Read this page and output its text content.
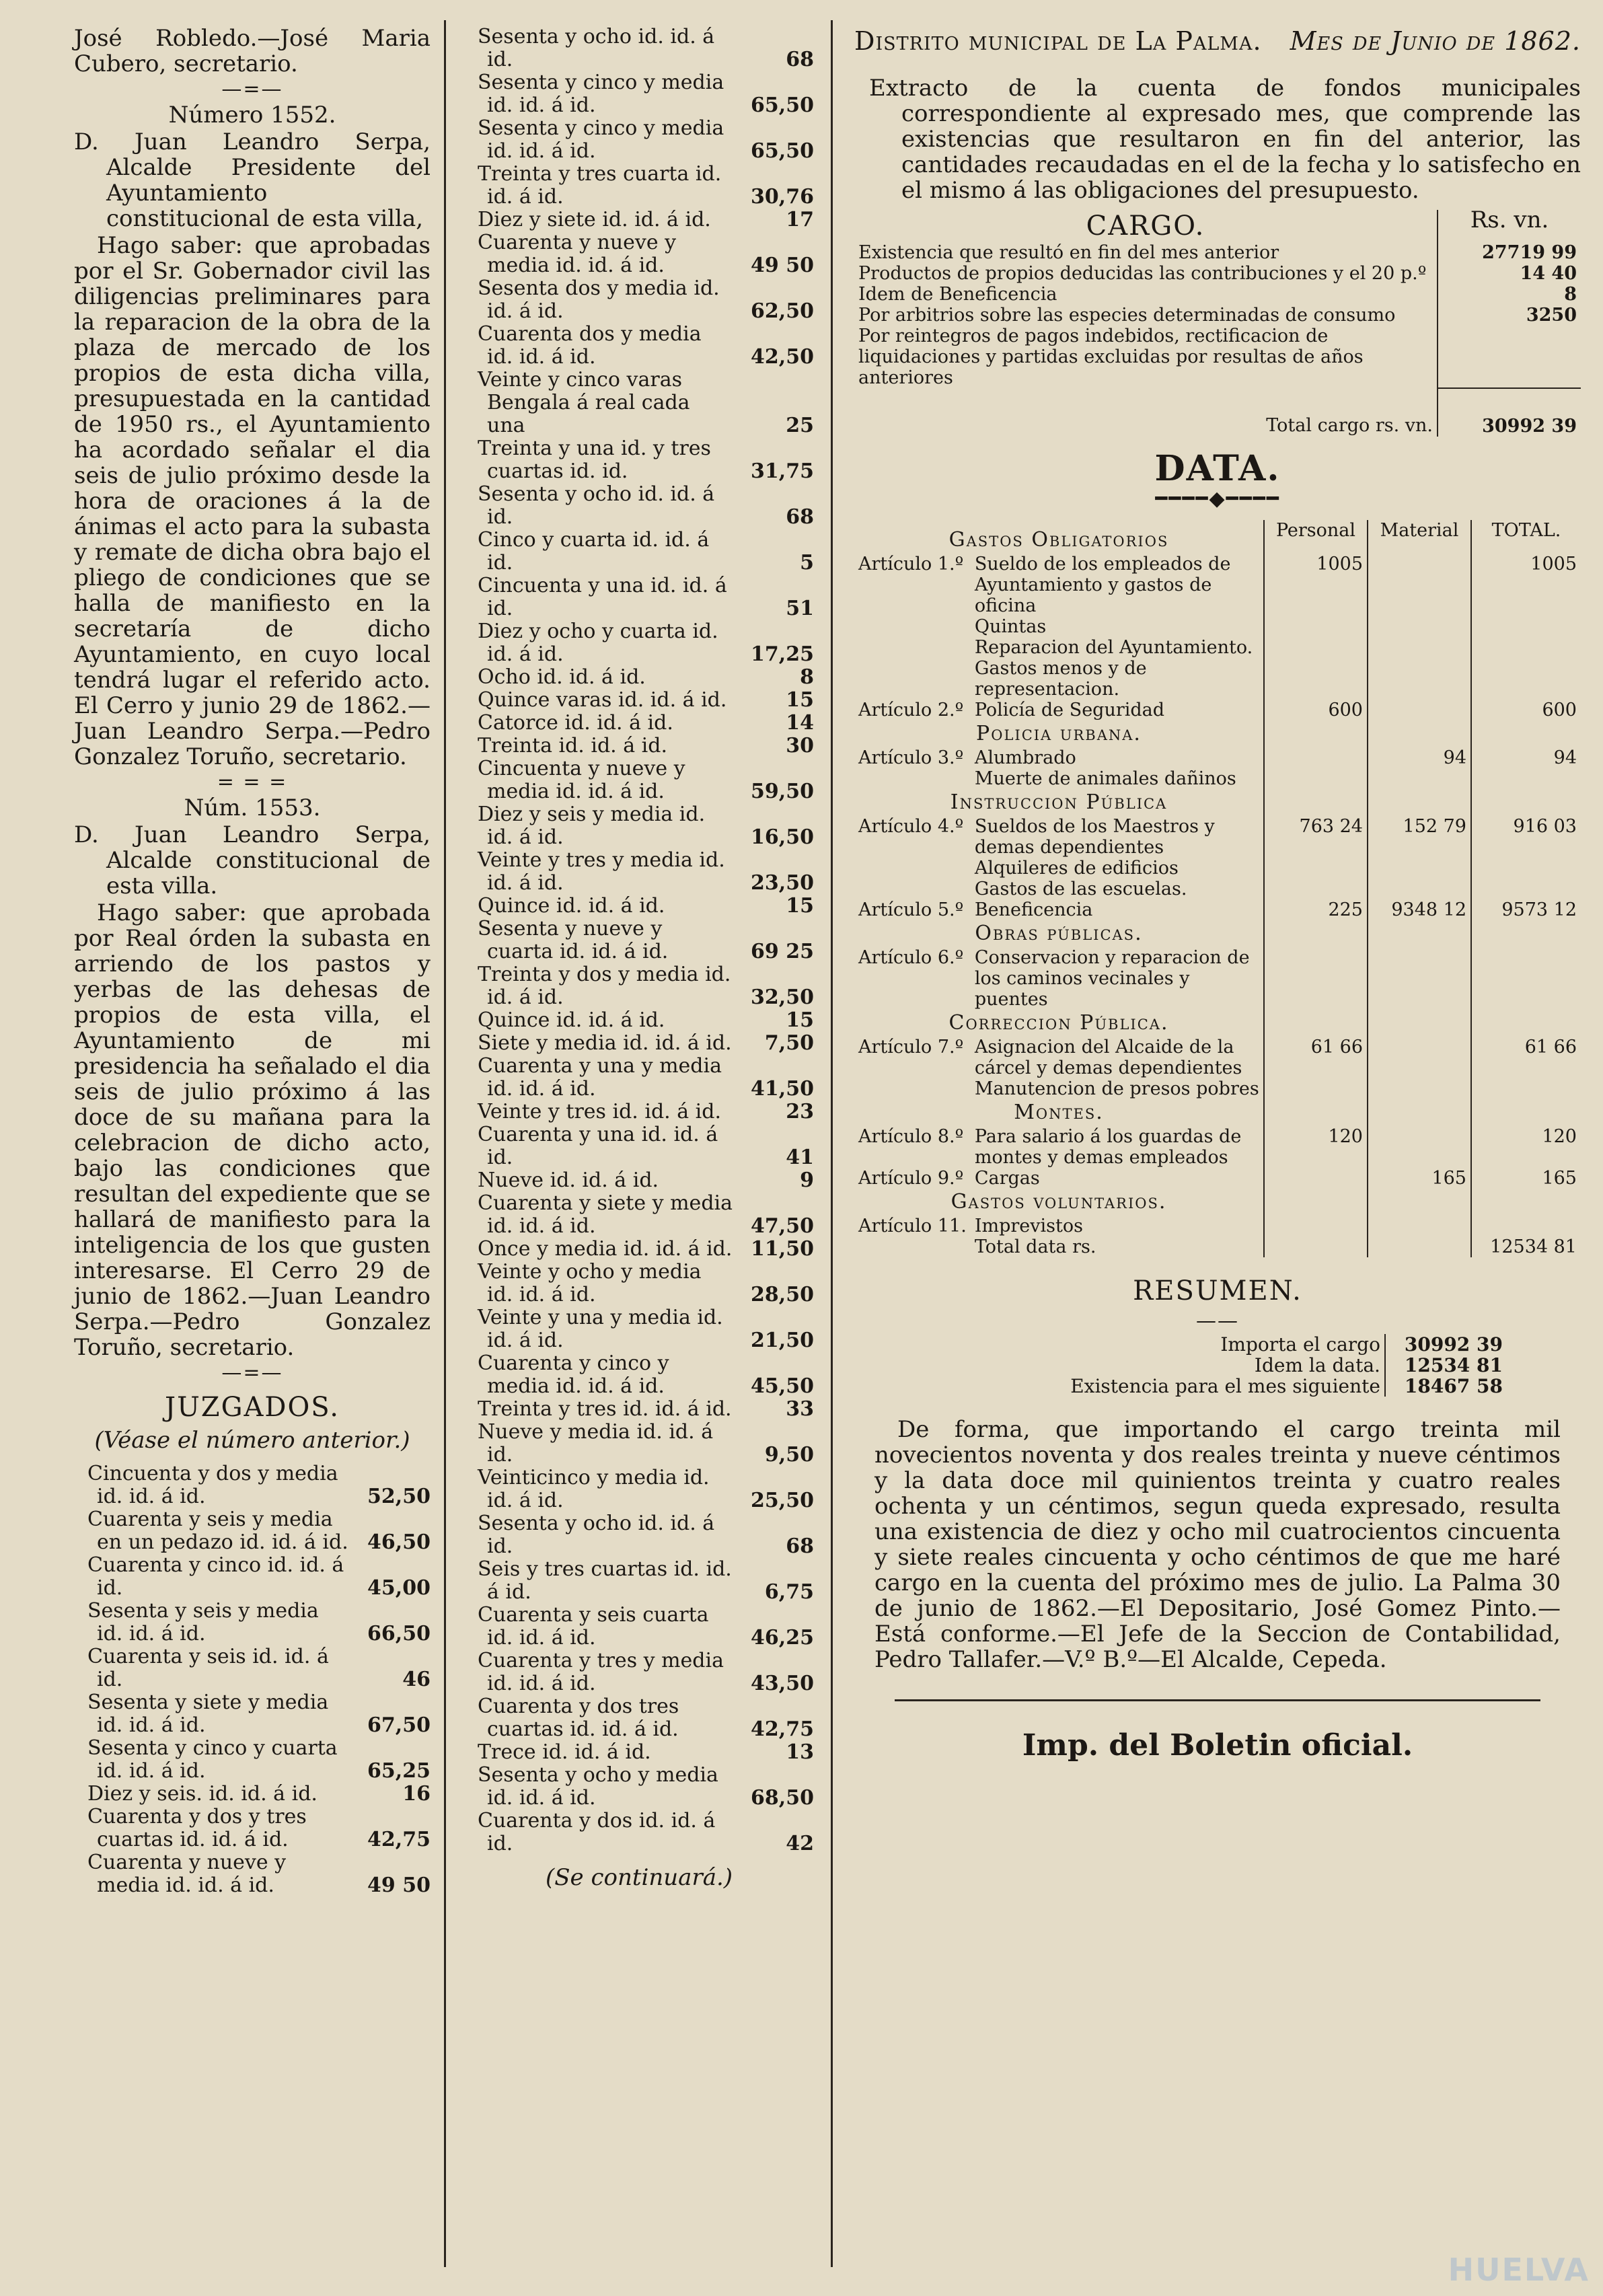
José Robledo.—José Maria Cubero, secretario.

—=—

Número 1552.

D. Juan Leandro Serpa, Alcalde Presidente del Ayuntamiento constitucional de esta villa,

Hago saber: que aprobadas por el Sr. Gobernador civil las diligencias preliminares para la reparacion de la obra de la plaza de mercado de los propios de esta dicha villa, presupuestada en la cantidad de 1950 rs., el Ayuntamiento ha acordado señalar el dia seis de julio próximo desde la hora de oraciones á la de ánimas el acto para la subasta y remate de dicha obra bajo el pliego de condiciones que se halla de manifiesto en la secretaría de dicho Ayuntamiento, en cuyo local tendrá lugar el referido acto. El Cerro y junio 29 de 1862.—Juan Leandro Serpa.—Pedro Gonzalez Toruño, secretario.

= = =

Núm. 1553.

D. Juan Leandro Serpa, Alcalde constitucional de esta villa.

Hago saber: que aprobada por Real órden la subasta en arriendo de los pastos y yerbas de las dehesas de propios de esta villa, el Ayuntamiento de mi presidencia ha señalado el dia seis de julio próximo á las doce de su mañana para la celebracion de dicho acto, bajo las condiciones que resultan del expediente que se hallará de manifiesto para la inteligencia de los que gusten interesarse. El Cerro 29 de junio de 1862.—Juan Leandro Serpa.—Pedro Gonzalez Toruño, secretario.

—=—
JUZGADOS.

(Véase el número anterior.)

Cincuenta y dos y media id. id. á id.	52,50
Cuarenta y seis y media en un pedazo id. id. á id. 46,50
Cuarenta y cinco id. id. á id.	45,00
Sesenta y seis y media id. id. á id.	66,50
Cuarenta y seis id. id. á id.	46
Sesenta y siete y media id. id. á id.	67,50
Sesenta y cinco y cuarta id. id. á id.	65,25
Diez y seis. id. id. á id.	16
Cuarenta y dos y tres cuartas id. id. á id.	42,75
Cuarenta y nueve y media id. id. á id.	49 50
Sesenta y ocho id. id. á id.	68
Sesenta y cinco y media id. id. á id.	65,50
Sesenta y cinco y media id. id. á id.	65,50
Treinta y tres cuarta id. id. á id.	30,76
Diez y siete id. id. á id.	17
Cuarenta y nueve y media id. id. á id.	49 50
Sesenta dos y media id. id. á id.	62,50
Cuarenta dos y media id. id. á id.	42,50
Veinte y cinco varas Bengala á real cada una	25
Treinta y una id. y tres cuartas id. id.	31,75
Sesenta y ocho id. id. á id.	68
Cinco y cuarta id. id. á id.	5
Cincuenta y una id. id. á id.	51
Diez y ocho y cuarta id. id. á id.	17,25
Ocho id. id. á id.	8
Quince varas id. id. á id.	15
Catorce id. id. á id.	14
Treinta id. id. á id.	30
Cincuenta y nueve y media id. id. á id.	59,50
Diez y seis y media id. id. á id.	16,50
Veinte y tres y media id. id. á id.	23,50
Quince id. id. á id.	15
Sesenta y nueve y cuarta id. id. á id.	69 25
Treinta y dos y media id. id. á id.	32,50
Quince id. id. á id.	15
Siete y media id. id. á id.	7,50
Cuarenta y una y media id. id. á id.	41,50
Veinte y tres id. id. á id.	23
Cuarenta y una id. id. á id.	41
Nueve id. id. á id.	9
Cuarenta y siete y media id. id. á id.	47,50
Once y media id. id. á id. 11,50
Veinte y ocho y media id. id. á id.	28,50
Veinte y una y media id. id. á id.	21,50
Cuarenta y cinco y media id. id. á id.	45,50
Treinta y tres id. id. á id.	33
Nueve y media id. id. á id.	9,50
Veinticinco y media id. id. á id.	25,50
Sesenta y ocho id. id. á id.	68
Seis y tres cuartas id. id. á id.	6,75
Cuarenta y seis cuarta id. id. á id.	46,25
Cuarenta y tres y media id. id. á id.	43,50
Cuarenta y dos tres cuartas id. id. á id.	42,75
Trece id. id. á id.	13
Sesenta y ocho y media id. id. á id.	68,50
Cuarenta y dos id. id. á id.	42

(Se continuará.)

Distrito municipal de La Palma. Mes de Junio de 1862.

Extracto de la cuenta de fondos municipales correspondiente al expresado mes, que comprende las existencias que resultaron en fin del anterior, las cantidades recaudadas en el de la fecha y lo satisfecho en el mismo á las obligaciones del presupuesto.

CARGO.	Rs. vn.
Existencia que resultó en fin del mes anterior	27719 99
Productos de propios deducidas las contribuciones y el 20 p.º	14 40
Idem de Beneficencia	8
Por arbitrios sobre las especies determinadas de consumo	3250
Por reintegros de pagos indebidos, rectificacion de liquidaciones y partidas excluidas por resultas de años anteriores	
Total cargo rs. vn.	30992 39
DATA.
━━━━◆━━━━
Gastos Obligatorios		Personal	Material	TOTAL.
Artículo 1.º	Sueldo de los empleados de Ayuntamiento y gastos de oficina	1005		1005
	Quintas			
	Reparacion del Ayuntamiento.			
	Gastos menos y de representacion.			
Artículo 2.º	Policía de Seguridad	600		600
Policia urbana.				
Artículo 3.º	Alumbrado		94	94
	Muerte de animales dañinos			
Instruccion Pública				
Artículo 4.º	Sueldos de los Maestros y demas dependientes	763 24	152 79	916 03
	Alquileres de edificios			
	Gastos de las escuelas.			
Artículo 5.º	Beneficencia	225	9348 12	9573 12
Obras públicas.				
Artículo 6.º	Conservacion y reparacion de los caminos vecinales y puentes			
Correccion Pública.				
Artículo 7.º	Asignacion del Alcaide de la cárcel y demas dependientes	61 66		61 66
	Manutencion de presos pobres			
Montes.				
Artículo 8.º	Para salario á los guardas de montes y demas empleados	120		120
Artículo 9.º	Cargas		165	165
Gastos voluntarios.				
Artículo 11.	Imprevistos			
	Total data rs.			12534 81
RESUMEN.
——
Importa el cargo	30992 39
Idem la data.	12534 81
Existencia para el mes siguiente	18467 58

De forma, que importando el cargo treinta mil novecientos noventa y dos reales treinta y nueve céntimos y la data doce mil quinientos treinta y cuatro reales ochenta y un céntimos, segun queda expresado, resulta una existencia de diez y ocho mil cuatrocientos cincuenta y siete reales cincuenta y ocho céntimos de que me haré cargo en la cuenta del próximo mes de julio. La Palma 30 de junio de 1862.—El Depositario, José Gomez Pinto.—Está conforme.—El Jefe de la Seccion de Contabilidad, Pedro Tallafer.—V.º B.º—El Alcalde, Cepeda.

Imp. del Boletin oficial.
HUELVA
